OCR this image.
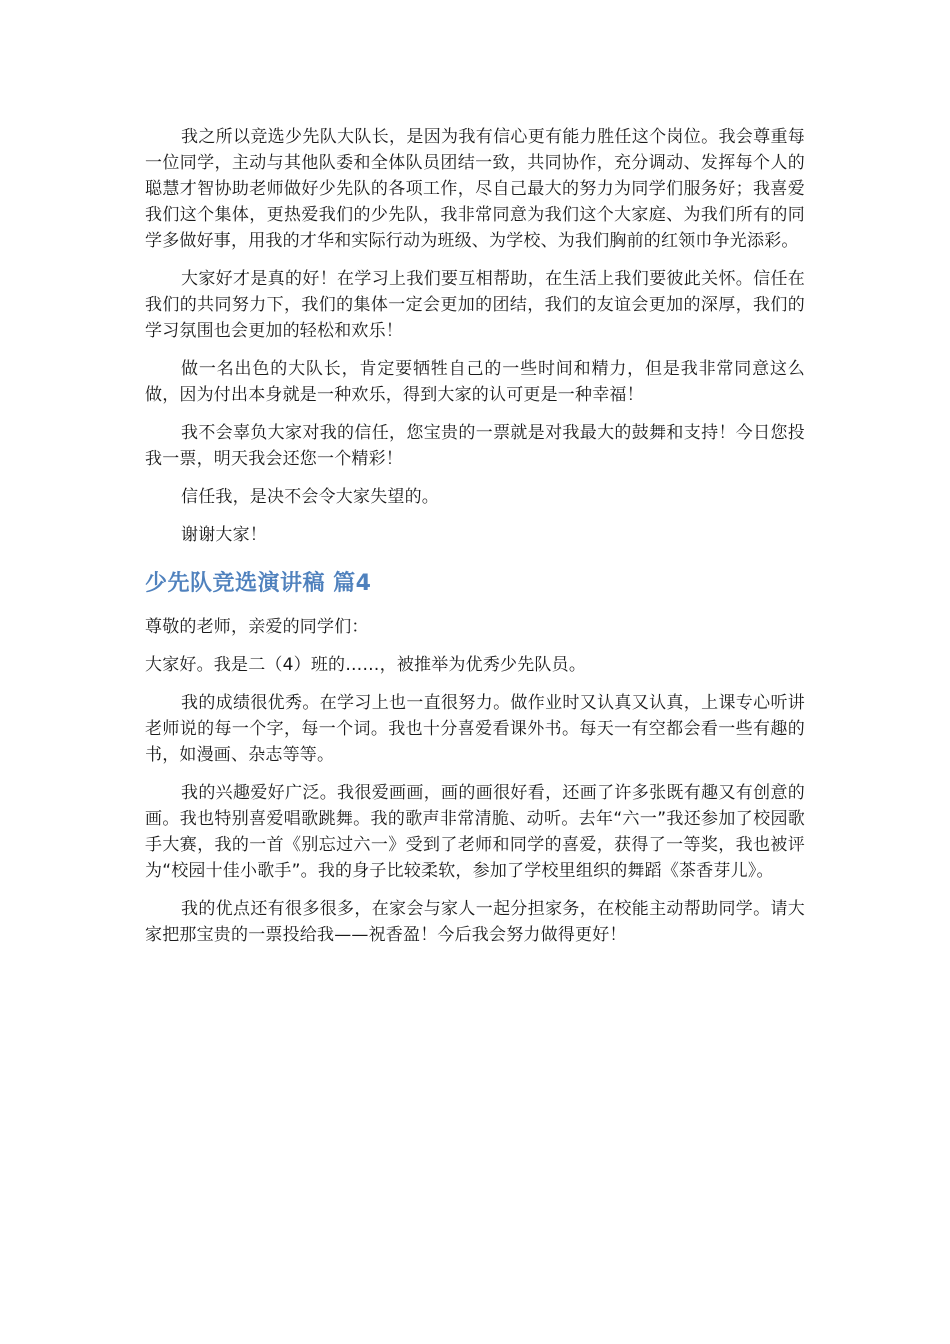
我之所以竞选少先队大队长，是因为我有信心更有能力胜任这个岗位。我会尊重每一位同学，主动与其他队委和全体队员团结一致，共同协作，充分调动、发挥每个人的聪慧才智协助老师做好少先队的各项工作，尽自己最大的努力为同学们服务好；我喜爱我们这个集体，更热爱我们的少先队，我非常同意为我们这个大家庭、为我们所有的同学多做好事，用我的才华和实际行动为班级、为学校、为我们胸前的红领巾争光添彩。

大家好才是真的好！在学习上我们要互相帮助，在生活上我们要彼此关怀。信任在我们的共同努力下，我们的集体一定会更加的团结，我们的友谊会更加的深厚，我们的学习氛围也会更加的轻松和欢乐！

做一名出色的大队长，肯定要牺牲自己的一些时间和精力，但是我非常同意这么做，因为付出本身就是一种欢乐，得到大家的认可更是一种幸福！

我不会辜负大家对我的信任，您宝贵的一票就是对我最大的鼓舞和支持！今日您投我一票，明天我会还您一个精彩！

信任我，是决不会令大家失望的。

谢谢大家！

少先队竞选演讲稿 篇4

尊敬的老师，亲爱的同学们：

大家好。我是二（4）班的……，被推举为优秀少先队员。

我的成绩很优秀。在学习上也一直很努力。做作业时又认真又认真，上课专心听讲老师说的每一个字，每一个词。我也十分喜爱看课外书。每天一有空都会看一些有趣的书，如漫画、杂志等等。

我的兴趣爱好广泛。我很爱画画，画的画很好看，还画了许多张既有趣又有创意的画。我也特别喜爱唱歌跳舞。我的歌声非常清脆、动听。去年“六一”我还参加了校园歌手大赛，我的一首《别忘过六一》受到了老师和同学的喜爱，获得了一等奖，我也被评为“校园十佳小歌手”。我的身子比较柔软，参加了学校里组织的舞蹈《茶香芽儿》。

我的优点还有很多很多，在家会与家人一起分担家务，在校能主动帮助同学。请大家把那宝贵的一票投给我——祝香盈！今后我会努力做得更好！
